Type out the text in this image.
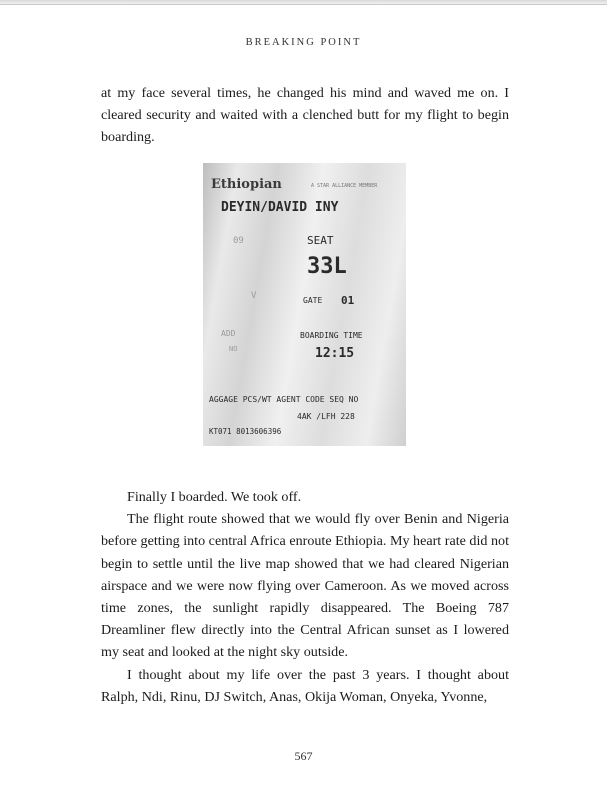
BREAKING POINT

at my face several times, he changed his mind and waved me on. I cleared security and waited with a clenched butt for my flight to begin boarding.

Ethiopian	A STAR ALLIANCE MEMBER
DEYIN/DAVID INY
09	SEAT
33L
V	GATE 01
ADD
NO
BOARDING TIME
12:15
AGGAGE PCS/WT AGENT CODE SEQ NO
4AK /LFH 228
KT071 8013606396

Finally I boarded. We took off.

The flight route showed that we would fly over Benin and Nigeria before getting into central Africa enroute Ethiopia. My heart rate did not begin to settle until the live map showed that we had cleared Nigerian airspace and we were now flying over Cameroon. As we moved across time zones, the sunlight rapidly disappeared. The Boeing 787 Dreamliner flew directly into the Central African sunset as I lowered my seat and looked at the night sky outside.

I thought about my life over the past 3 years. I thought about Ralph, Ndi, Rinu, DJ Switch, Anas, Okija Woman, Onyeka, Yvonne,

567
